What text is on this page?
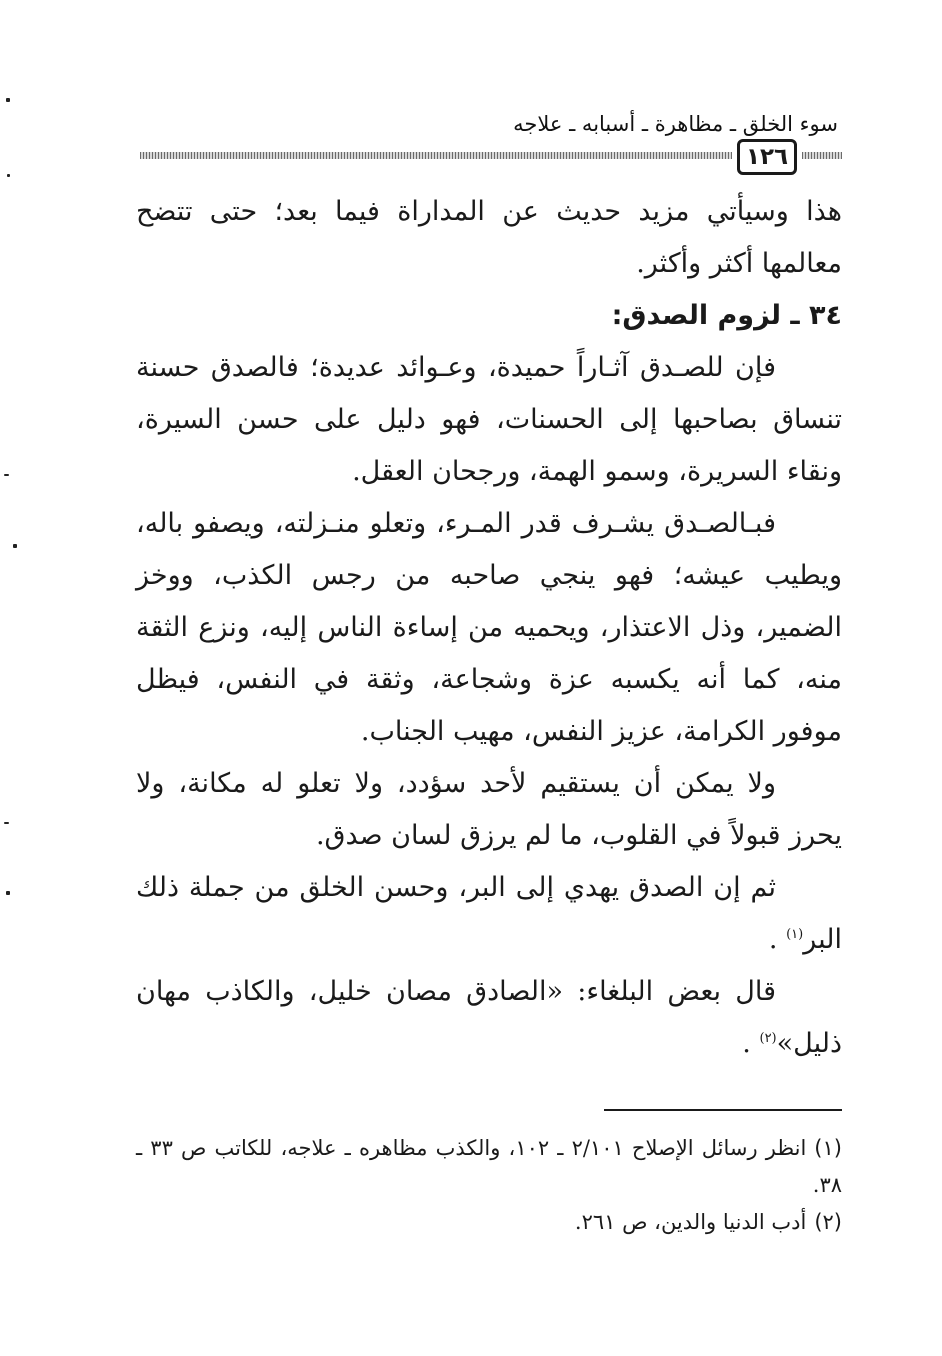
سوء الخلق ـ مظاهرة ـ أسبابه ـ علاجه
١٢٦

هذا وسيأتي مزيد حديث عن المداراة فيما بعد؛ حتى تتضح معالمها أكثر وأكثر.

٣٤ ـ لزوم الصدق:

فإن للصـدق آثـاراً حميدة، وعـوائد عديدة؛ فالصدق حسنة تنساق بصاحبها إلى الحسنات، فهو دليل على حسن السيرة، ونقاء السريرة، وسمو الهمة، ورجحان العقل.

فبـالصـدق يشـرف قدر المـرء، وتعلو منـزلته، ويصفو باله، ويطيب عيشه؛ فهو ينجي صاحبه من رجس الكذب، ووخز الضمير، وذل الاعتذار، ويحميه من إساءة الناس إليه، ونزع الثقة منه، كما أنه يكسبه عزة وشجاعة، وثقة في النفس، فيظل موفور الكرامة، عزيز النفس، مهيب الجناب.

ولا يمكن أن يستقيم لأحد سؤدد، ولا تعلو له مكانة، ولا يحرز قبولاً في القلوب، ما لم يرزق لسان صدق.

ثم إن الصدق يهدي إلى البر، وحسن الخلق من جملة ذلك البر$^{(١)}$ .

قال بعض البلغاء: «الصادق مصان خليل، والكاذب مهان ذليل»$^{(٢)}$ .

(١)انظر رسائل الإصلاح ٢/١٠١ ـ ١٠٢، والكذب مظاهره ـ علاجه، للكاتب ص ٣٣ ـ ٣٨.

(٢)أدب الدنيا والدين، ص ٢٦١.
